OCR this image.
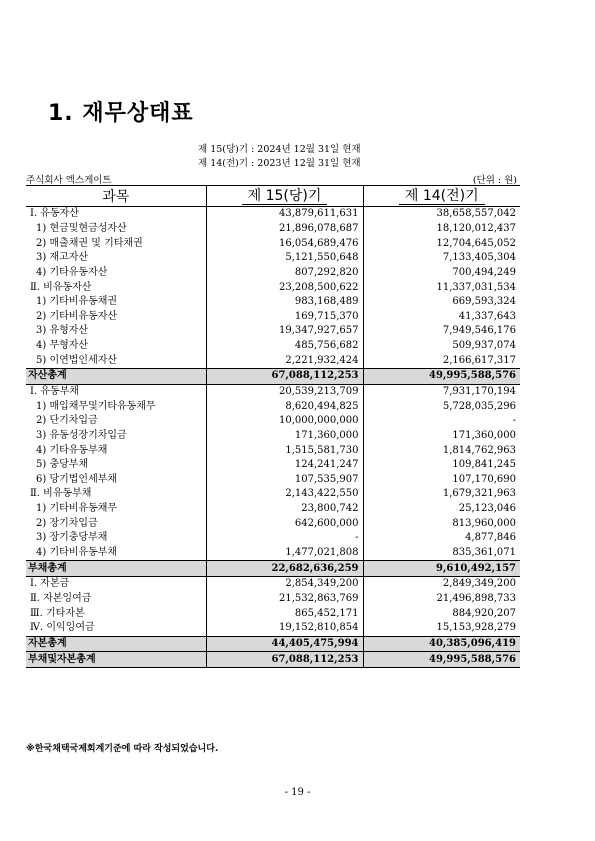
1. 재무상태표
제 15(당)기 : 2024년 12월 31일 현재
제 14(전)기 : 2023년 12월 31일 현재
주식회사 엑스게이트	(단위 : 원)
과목	제 15(당)기	제 14(전)기
Ⅰ. 유동자산	43,879,611,631	38,658,557,042
1) 현금및현금성자산	21,896,078,687	18,120,012,437
2) 매출채권 및 기타채권	16,054,689,476	12,704,645,052
3) 재고자산	5,121,550,648	7,133,405,304
4) 기타유동자산	807,292,820	700,494,249
Ⅱ. 비유동자산	23,208,500,622	11,337,031,534
1) 기타비유동채권	983,168,489	669,593,324
2) 기타비유동자산	169,715,370	41,337,643
3) 유형자산	19,347,927,657	7,949,546,176
4) 무형자산	485,756,682	509,937,074
5) 이연법인세자산	2,221,932,424	2,166,617,317
자산총계	67,088,112,253	49,995,588,576
Ⅰ. 유동부채	20,539,213,709	7,931,170,194
1) 매입채무및기타유동채무	8,620,494,825	5,728,035,296
2) 단기차입금	10,000,000,000	-
3) 유동성장기차입금	171,360,000	171,360,000
4) 기타유동부채	1,515,581,730	1,814,762,963
5) 충당부채	124,241,247	109,841,245
6) 당기법인세부채	107,535,907	107,170,690
Ⅱ. 비유동부채	2,143,422,550	1,679,321,963
1) 기타비유동채무	23,800,742	25,123,046
2) 장기차입금	642,600,000	813,960,000
3) 장기충당부채	-	4,877,846
4) 기타비유동부채	1,477,021,808	835,361,071
부채총계	22,682,636,259	9,610,492,157
Ⅰ. 자본금	2,854,349,200	2,849,349,200
Ⅱ. 자본잉여금	21,532,863,769	21,496,898,733
Ⅲ. 기타자본	865,452,171	884,920,207
Ⅳ. 이익잉여금	19,152,810,854	15,153,928,279
자본총계	44,405,475,994	40,385,096,419
부채및자본총계	67,088,112,253	49,995,588,576
※한국채택국제회계기준에 따라 작성되었습니다.
- 19 -
